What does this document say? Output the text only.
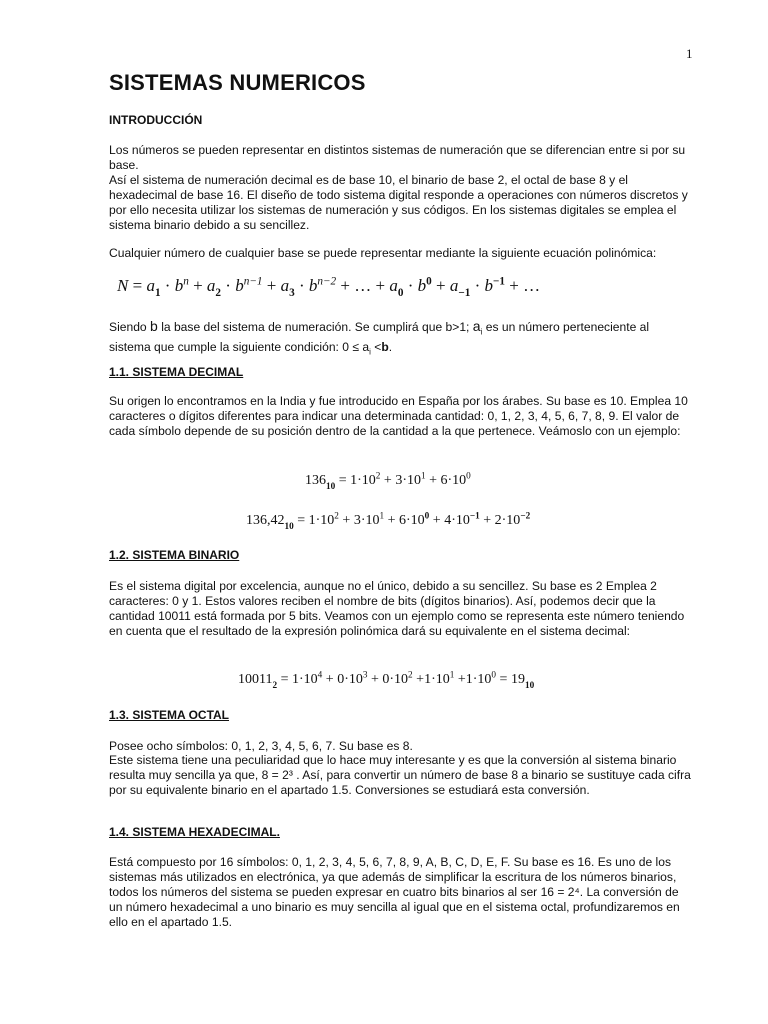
1
SISTEMAS NUMERICOS
INTRODUCCIÓN

Los números se pueden representar en distintos sistemas de numeración que se diferencian entre si por su base.

Así el sistema de numeración decimal es de base 10, el binario de base 2, el octal de base 8 y el hexadecimal de base 16. El diseño de todo sistema digital responde a operaciones con números discretos y por ello necesita utilizar los sistemas de numeración y sus códigos. En los sistemas digitales se emplea el sistema binario debido a su sencillez.

Cualquier número de cualquier base se puede representar mediante la siguiente ecuación polinómica:

$N = a_1 \cdot b^n + a_2 \cdot b^{n-1} + a_3 \cdot b^{n-2}$ + … + $a_0 \cdot b^0 + a_{-1} \cdot b^{-1}$ + …

Siendo b la base del sistema de numeración. Se cumplirá que b>1; $a_i$ es un número perteneciente al sistema que cumple la siguiente condición: $0 \le a_i <b$.

1.1. SISTEMA DECIMAL

Su origen lo encontramos en la India y fue introducido en España por los árabes. Su base es 10. Emplea 10 caracteres o dígitos diferentes para indicar una determinada cantidad: 0, 1, 2, 3, 4, 5, 6, 7, 8, 9. El valor de cada símbolo depende de su posición dentro de la cantidad a la que pertenece. Veámoslo con un ejemplo:

$136_{10} = 1\cdot 10^2 + 3\cdot 10^1 + 6\cdot 10^0$
$136,42_{10} = 1\cdot 10^2 + 3\cdot 10^1 + 6\cdot 10^0 + 4\cdot 10^{-1} + 2\cdot 10^{-2}$
1.2. SISTEMA BINARIO

Es el sistema digital por excelencia, aunque no el único, debido a su sencillez. Su base es 2 Emplea 2 caracteres: 0 y 1. Estos valores reciben el nombre de bits (dígitos binarios). Así, podemos decir que la cantidad 10011 está formada por 5 bits. Veamos con un ejemplo como se representa este número teniendo en cuenta que el resultado de la expresión polinómica dará su equivalente en el sistema decimal:

$10011_2 = 1\cdot 10^4 + 0\cdot 10^3 + 0\cdot 10^2 +1\cdot 10^1 +1\cdot 10^0 = 19_{10}$
1.3. SISTEMA OCTAL

Posee ocho símbolos: 0, 1, 2, 3, 4, 5, 6, 7. Su base es 8.

Este sistema tiene una peculiaridad que lo hace muy interesante y es que la conversión al sistema binario resulta muy sencilla ya que, 8 = 2³ . Así, para convertir un número de base 8 a binario se sustituye cada cifra por su equivalente binario en el apartado 1.5. Conversiones se estudiará esta conversión.

1.4. SISTEMA HEXADECIMAL.

Está compuesto por 16 símbolos: 0, 1, 2, 3, 4, 5, 6, 7, 8, 9, A, B, C, D, E, F. Su base es 16. Es uno de los sistemas más utilizados en electrónica, ya que además de simplificar la escritura de los números binarios, todos los números del sistema se pueden expresar en cuatro bits binarios al ser 16 = 2⁴. La conversión de un número hexadecimal a uno binario es muy sencilla al igual que en el sistema octal, profundizaremos en ello en el apartado 1.5.
